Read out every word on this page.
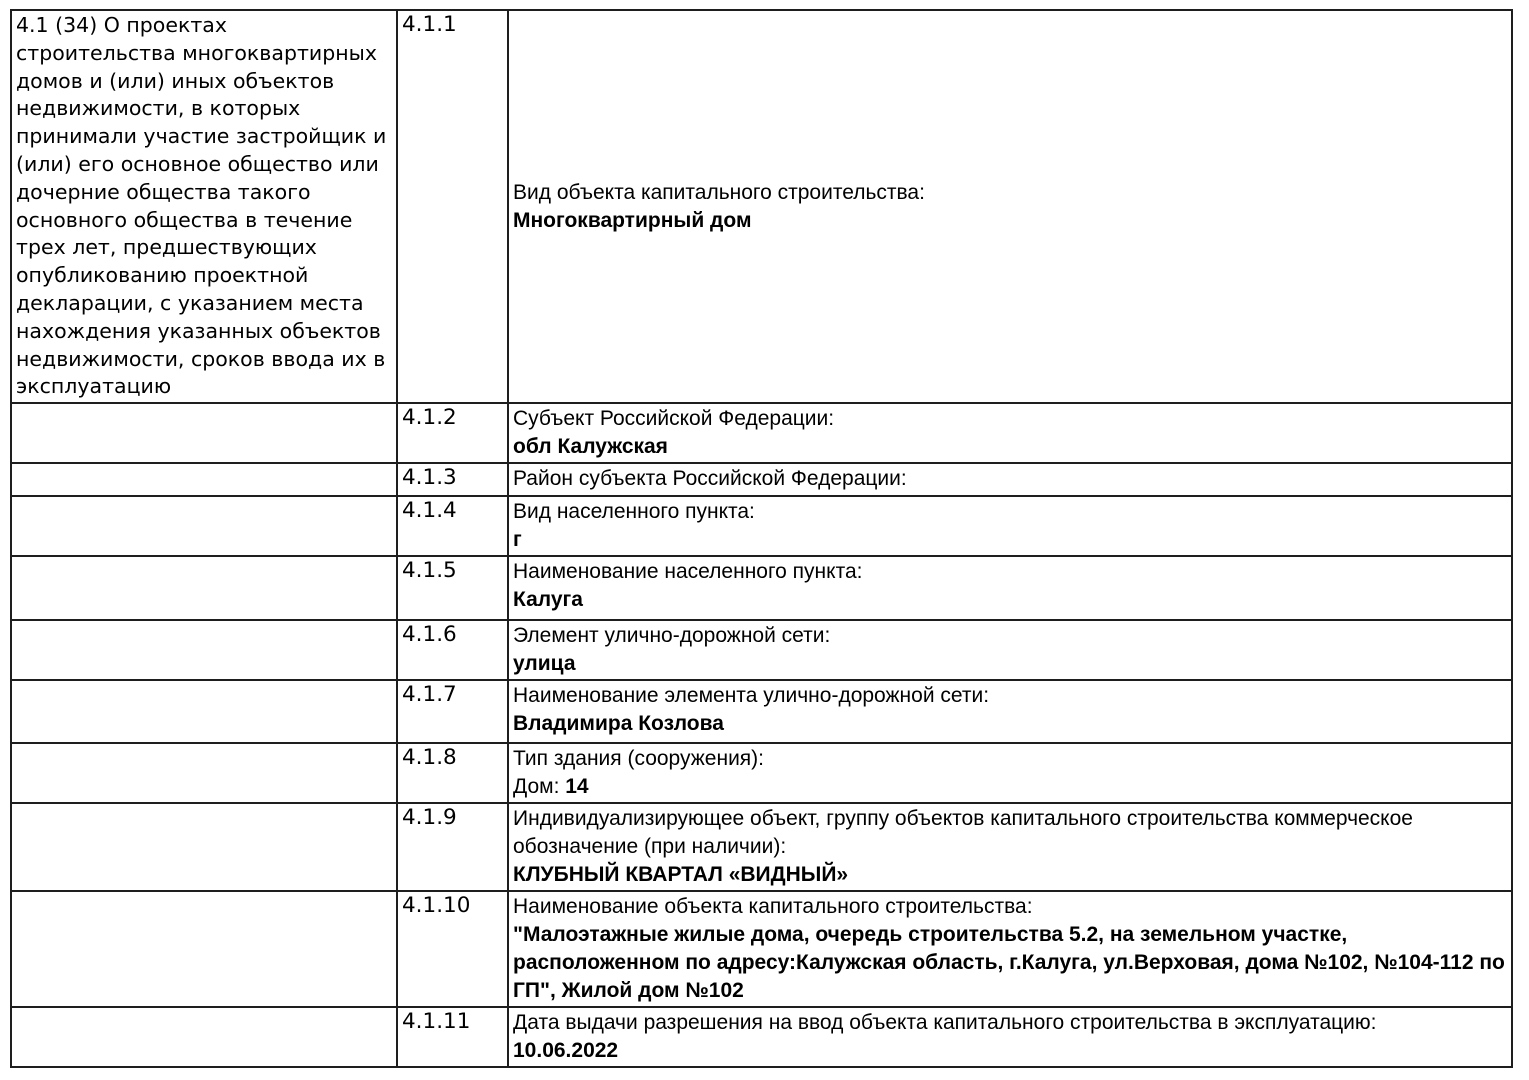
4.1 (34) О проектах строительства многоквартирных домов и (или) иных объектов недвижимости, в которых принимали участие застройщик и (или) его основное общество или дочерние общества такого основного общества в течение трех лет, предшествующих опубликованию проектной декларации, с указанием места нахождения указанных объектов недвижимости, сроков ввода их в эксплуатацию	4.1.1	Вид объекта капитального строительства:
Многоквартирный дом

	4.1.2	Субъект Российской Федерации:
обл Калужская

	4.1.3	Район субъекта Российской Федерации:

	4.1.4	Вид населенного пункта:
г

	4.1.5	Наименование населенного пункта:
Калуга

	4.1.6	Элемент улично-дорожной сети:
улица

	4.1.7	Наименование элемента улично-дорожной сети:
Владимира Козлова

	4.1.8	Тип здания (сооружения):
Дом: 14

	4.1.9	Индивидуализирующее объект, группу объектов капитального строительства коммерческое обозначение (при наличии):
КЛУБНЫЙ КВАРТАЛ «ВИДНЫЙ»

	4.1.10	Наименование объекта капитального строительства:
"Малоэтажные жилые дома, очередь строительства 5.2, на земельном участке, расположенном по адресу:Калужская область, г.Калуга, ул.Верховая, дома №102, №104-112 по ГП", Жилой дом №102

	4.1.11	Дата выдачи разрешения на ввод объекта капитального строительства в эксплуатацию:
10.06.2022
